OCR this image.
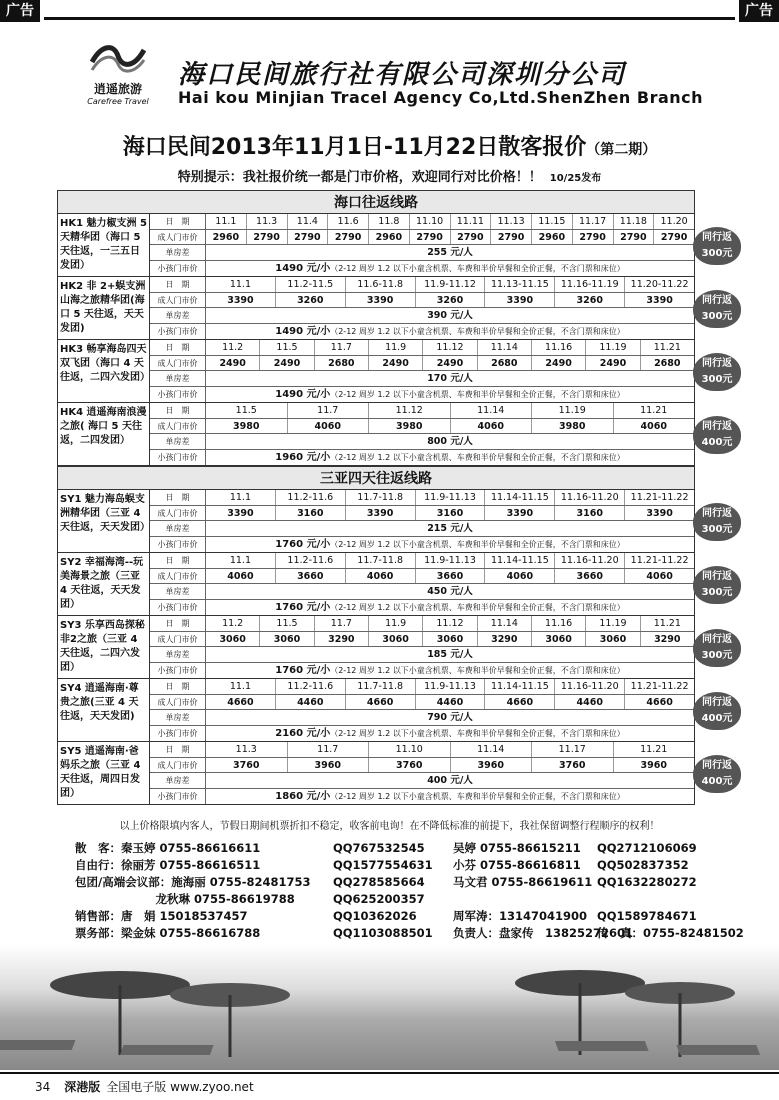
广告	广告
逍遥旅游
Carefree Travel
海口民间旅行社有限公司深圳分公司
Hai kou Minjian Tracel Agency Co,Ltd.ShenZhen Branch
海口民间2013年11月1日-11月22日散客报价（第二期）
特别提示：我社报价统一都是门市价格，欢迎同行对比价格！！ 10/25发布
海口往返线路
HK1 魅力椒支洲 5 天精华团（海口 5 天往返，一三五日发团）
日　期	11.1	11.3	11.4	11.6	11.8	11.10	11.11	11.13	11.15	11.17	11.18	11.20
成人门市价	2960	2790	2790	2790	2960	2790	2790	2790	2960	2790	2790	2790
单房差	255 元/人
小孩门市价	1490 元/小（2-12 周岁 1.2 以下小童含机票、车费和半价早餐和全价正餐，不含门票和床位）
HK2 非 2+蜈支洲山海之旅精华团(海口 5 天往返，天天发团)
日　期	11.1	11.2-11.5	11.6-11.8	11.9-11.12	11.13-11.15	11.16-11.19	11.20-11.22
成人门市价	3390	3260	3390	3260	3390	3260	3390
单房差	390 元/人
小孩门市价	1490 元/小（2-12 周岁 1.2 以下小童含机票、车费和半价早餐和全价正餐，不含门票和床位）
HK3 畅享海岛四天双飞团（海口 4 天往返，二四六发团）
日　期	11.2	11.5	11.7	11.9	11.12	11.14	11.16	11.19	11.21
成人门市价	2490	2490	2680	2490	2490	2680	2490	2490	2680
单房差	170 元/人
小孩门市价	1490 元/小（2-12 周岁 1.2 以下小童含机票、车费和半价早餐和全价正餐，不含门票和床位）
HK4 逍遥海南浪漫之旅( 海口 5 天往返，二四发团）
日　期	11.5	11.7	11.12	11.14	11.19	11.21
成人门市价	3980	4060	3980	4060	3980	4060
单房差	800 元/人
小孩门市价	1960 元/小（2-12 周岁 1.2 以下小童含机票、车费和半价早餐和全价正餐，不含门票和床位）
三亚四天往返线路
SY1 魅力海岛蜈支洲精华团（三亚 4 天往返，天天发团）
日　期	11.1	11.2-11.6	11.7-11.8	11.9-11.13	11.14-11.15	11.16-11.20	11.21-11.22
成人门市价	3390	3160	3390	3160	3390	3160	3390
单房差	215 元/人
小孩门市价	1760 元/小（2-12 周岁 1.2 以下小童含机票、车费和半价早餐和全价正餐，不含门票和床位）
SY2 幸福海湾--玩美海景之旅（三亚 4 天往返，天天发团）
日　期	11.1	11.2-11.6	11.7-11.8	11.9-11.13	11.14-11.15	11.16-11.20	11.21-11.22
成人门市价	4060	3660	4060	3660	4060	3660	4060
单房差	450 元/人
小孩门市价	1760 元/小（2-12 周岁 1.2 以下小童含机票、车费和半价早餐和全价正餐，不含门票和床位）
SY3 乐享西岛探秘非2之旅（三亚 4 天往返，二四六发团）
日　期	11.2	11.5	11.7	11.9	11.12	11.14	11.16	11.19	11.21
成人门市价	3060	3060	3290	3060	3060	3290	3060	3060	3290
单房差	185 元/人
小孩门市价	1760 元/小（2-12 周岁 1.2 以下小童含机票、车费和半价早餐和全价正餐，不含门票和床位）
SY4 逍遥海南·尊贵之旅(三亚 4 天往返，天天发团)
日　期	11.1	11.2-11.6	11.7-11.8	11.9-11.13	11.14-11.15	11.16-11.20	11.21-11.22
成人门市价	4660	4460	4660	4460	4660	4460	4660
单房差	790 元/人
小孩门市价	2160 元/小（2-12 周岁 1.2 以下小童含机票、车费和半价早餐和全价正餐，不含门票和床位）
SY5 逍遥海南·爸妈乐之旅（三亚 4 天往返，周四日发团）
日　期	11.3	11.7	11.10	11.14	11.17	11.21
成人门市价	3760	3960	3760	3960	3760	3960
单房差	400 元/人
小孩门市价	1860 元/小（2-12 周岁 1.2 以下小童含机票、车费和半价早餐和全价正餐，不含门票和床位）
同行返
300元
同行返
300元
同行返
300元
同行返
400元
同行返
300元
同行返
300元
同行返
300元
同行返
400元
同行返
400元
以上价格限填内客人，节假日期间机票折扣不稳定，收客前电询！在不降低标准的前提下，我社保留调整行程顺序的权利！
散　客：秦玉婷 0755-86616611	QQ767532545 吴婷 0755-86615211 QQ2712106069
自由行：徐丽芳 0755-86616511	QQ1577554631 小芬 0755-86616811 QQ502837352
包团/高端会议部：施海丽 0755-82481753 QQ278585664 马文君 0755-86619611 QQ1632280272
　　　　　　　龙秋琳 0755-86619788	QQ625200357
销售部：唐　娟 15018537457	QQ10362026	周军涛：13147041900 QQ1589784671
票务部：梁金妹 0755-86616788	QQ1103088501 负责人：盘家传　13825272601
传　真：0755-82481502
34 深港版 全国电子版 www.zyoo.net
